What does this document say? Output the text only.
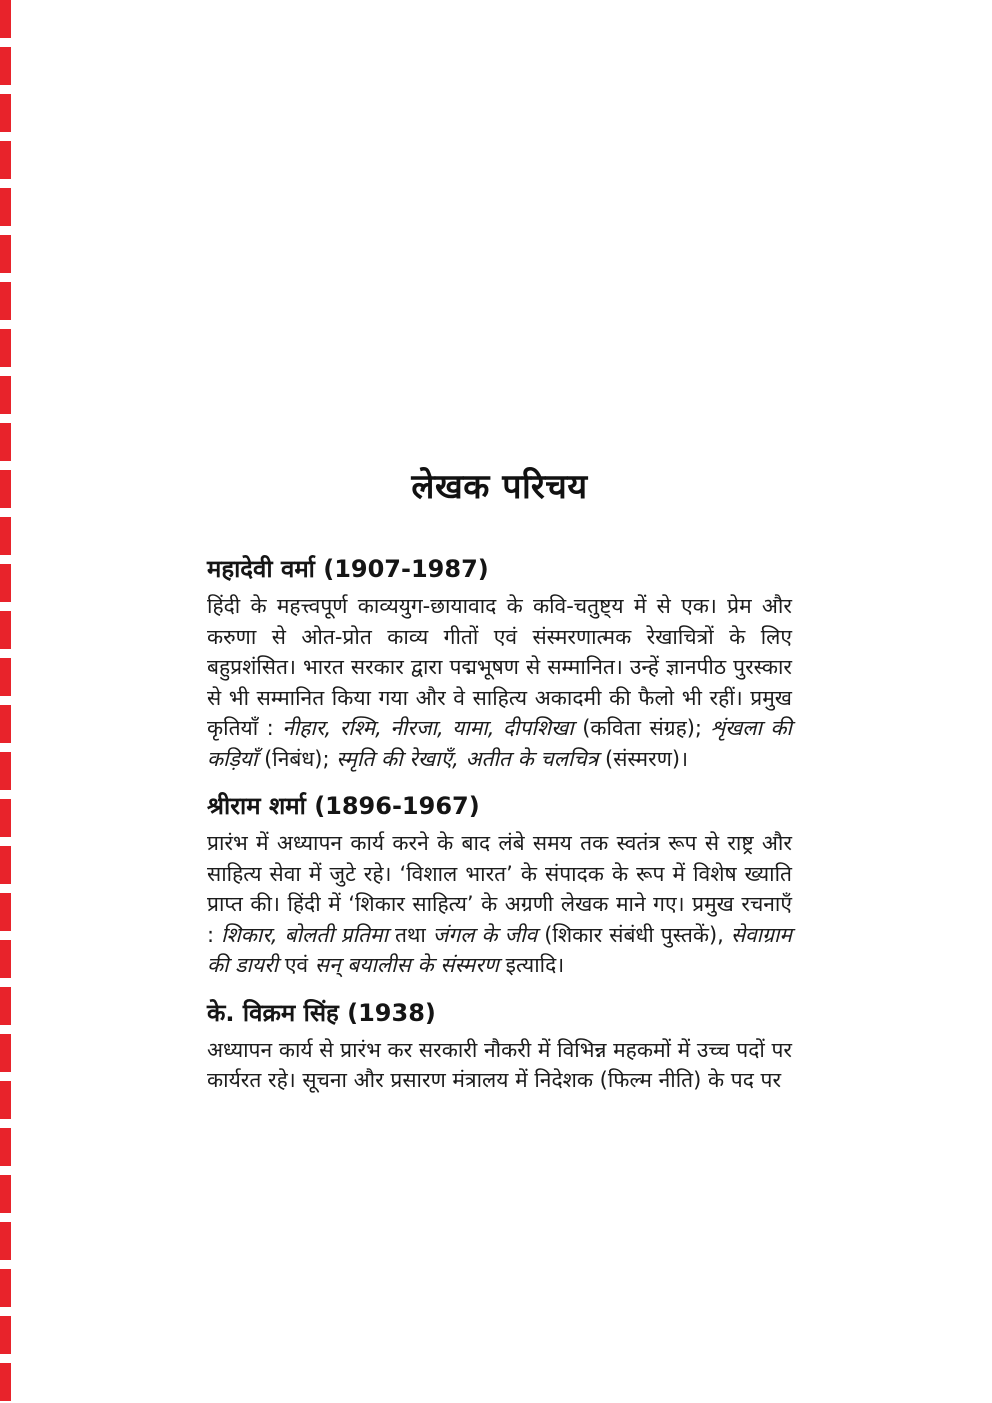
लेखक परिचय
महादेवी वर्मा (1907-1987)

हिंदी के महत्त्वपूर्ण काव्ययुग-छायावाद के कवि-चतुष्ट्य में से एक। प्रेम और करुणा से ओत-प्रोत काव्य गीतों एवं संस्मरणात्मक रेखाचित्रों के लिए बहुप्रशंसित। भारत सरकार द्वारा पद्मभूषण से सम्मानित। उन्हें ज्ञानपीठ पुरस्कार से भी सम्मानित किया गया और वे साहित्य अकादमी की फैलो भी रहीं। प्रमुख कृतियाँ : नीहार, रश्मि, नीरजा, यामा, दीपशिखा (कविता संग्रह); शृंखला की कड़ियाँ (निबंध); स्मृति की रेखाएँ, अतीत के चलचित्र (संस्मरण)।

श्रीराम शर्मा (1896-1967)

प्रारंभ में अध्यापन कार्य करने के बाद लंबे समय तक स्वतंत्र रूप से राष्ट्र और साहित्य सेवा में जुटे रहे। ‘विशाल भारत’ के संपादक के रूप में विशेष ख्याति प्राप्त की। हिंदी में ‘शिकार साहित्य’ के अग्रणी लेखक माने गए। प्रमुख रचनाएँ : शिकार, बोलती प्रतिमा तथा जंगल के जीव (शिकार संबंधी पुस्तकें), सेवाग्राम की डायरी एवं सन् बयालीस के संस्मरण इत्यादि।

के. विक्रम सिंह (1938)

अध्यापन कार्य से प्रारंभ कर सरकारी नौकरी में विभिन्न महकमों में उच्च पदों पर कार्यरत रहे। सूचना और प्रसारण मंत्रालय में निदेशक (फिल्म नीति) के पद पर
